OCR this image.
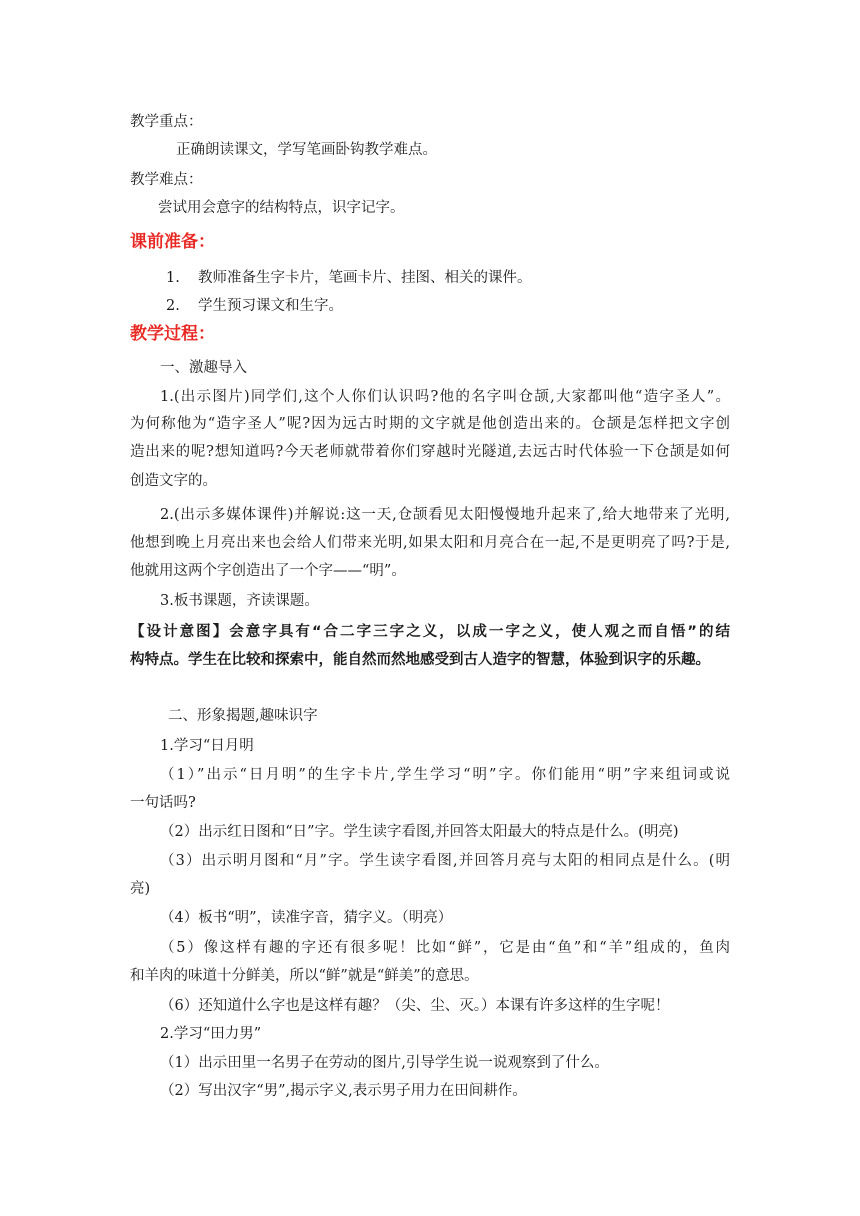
教学重点：
正确朗读课文，学写笔画卧钩教学难点。
教学难点：
尝试用会意字的结构特点，识字记字。
课前准备：
1. 教师准备生字卡片，笔画卡片、挂图、相关的课件。
2. 学生预习课文和生字。
教学过程：
一、激趣导入
1.(出示图片)同学们,这个人你们认识吗?他的名字叫仓颉,大家都叫他“造字圣人”。
为何称他为“造字圣人”呢?因为远古时期的文字就是他创造出来的。仓颉是怎样把文字创
造出来的呢?想知道吗?今天老师就带着你们穿越时光隧道,去远古时代体验一下仓颉是如何
创造文字的。
2.(出示多媒体课件)并解说:这一天,仓颉看见太阳慢慢地升起来了,给大地带来了光明,
他想到晚上月亮出来也会给人们带来光明,如果太阳和月亮合在一起,不是更明亮了吗?于是,
他就用这两个字创造出了一个字——“明”。
3.板书课题，齐读课题。
【设计意图】会意字具有“合二字三字之义，以成一字之义，使人观之而自悟”的结
构特点。学生在比较和探索中，能自然而然地感受到古人造字的智慧，体验到识字的乐趣。
二、形象揭题,趣味识字
1.学习“日月明
（1）”出示“日月明”的生字卡片,学生学习“明”字。你们能用“明”字来组词或说
一句话吗?
（2）出示红日图和“日”字。学生读字看图,并回答太阳最大的特点是什么。(明亮)
（3）出示明月图和“月”字。学生读字看图,并回答月亮与太阳的相同点是什么。(明
亮)
（4）板书“明”，读准字音，猜字义。（明亮）
（5）像这样有趣的字还有很多呢！比如“鲜”，它是由“鱼”和“羊”组成的，鱼肉
和羊肉的味道十分鲜美，所以“鲜”就是“鲜美”的意思。
（6）还知道什么字也是这样有趣？（尖、尘、灭。）本课有许多这样的生字呢！
2.学习“田力男”
（1）出示田里一名男子在劳动的图片,引导学生说一说观察到了什么。
（2）写出汉字“男”,揭示字义,表示男子用力在田间耕作。
